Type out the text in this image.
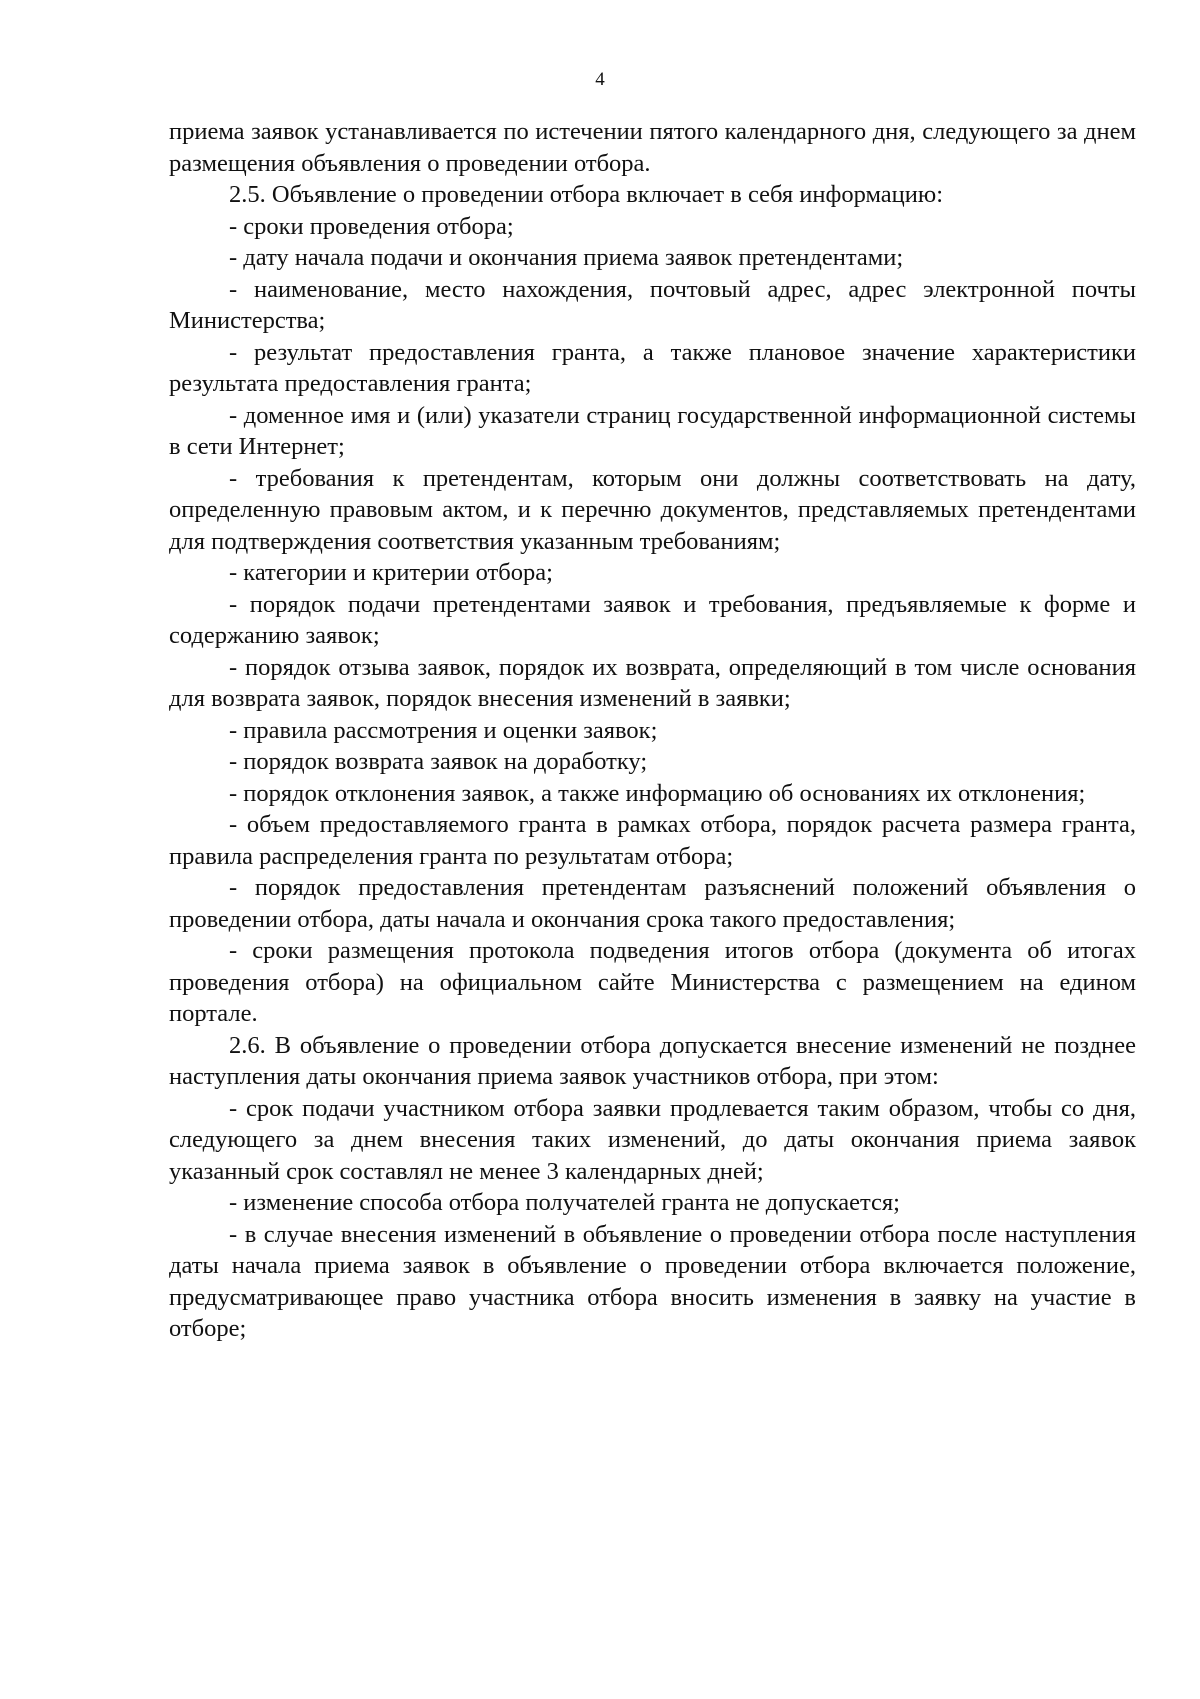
4

приема заявок устанавливается по истечении пятого календарного дня, следующего за днем размещения объявления о проведении отбора.

2.5. Объявление о проведении отбора включает в себя информацию:

- сроки проведения отбора;

- дату начала подачи и окончания приема заявок претендентами;

- наименование, место нахождения, почтовый адрес, адрес электронной почты Министерства;

- результат предоставления гранта, а также плановое значение характеристики результата предоставления гранта;

- доменное имя и (или) указатели страниц государственной информационной системы в сети Интернет;

- требования к претендентам, которым они должны соответствовать на дату, определенную правовым актом, и к перечню документов, представляемых претендентами для подтверждения соответствия указанным требованиям;

- категории и критерии отбора;

- порядок подачи претендентами заявок и требования, предъявляемые к форме и содержанию заявок;

- порядок отзыва заявок, порядок их возврата, определяющий в том числе основания для возврата заявок, порядок внесения изменений в заявки;

- правила рассмотрения и оценки заявок;

- порядок возврата заявок на доработку;

- порядок отклонения заявок, а также информацию об основаниях их отклонения;

- объем предоставляемого гранта в рамках отбора, порядок расчета размера гранта, правила распределения гранта по результатам отбора;

- порядок предоставления претендентам разъяснений положений объявления о проведении отбора, даты начала и окончания срока такого предоставления;

- сроки размещения протокола подведения итогов отбора (документа об итогах проведения отбора) на официальном сайте Министерства с размещением на едином портале.

2.6. В объявление о проведении отбора допускается внесение изменений не позднее наступления даты окончания приема заявок участников отбора, при этом:

- срок подачи участником отбора заявки продлевается таким образом, чтобы со дня, следующего за днем внесения таких изменений, до даты окончания приема заявок указанный срок составлял не менее 3 календарных дней;

- изменение способа отбора получателей гранта не допускается;

- в случае внесения изменений в объявление о проведении отбора после наступления даты начала приема заявок в объявление о проведении отбора включается положение, предусматривающее право участника отбора вносить изменения в заявку на участие в отборе;
